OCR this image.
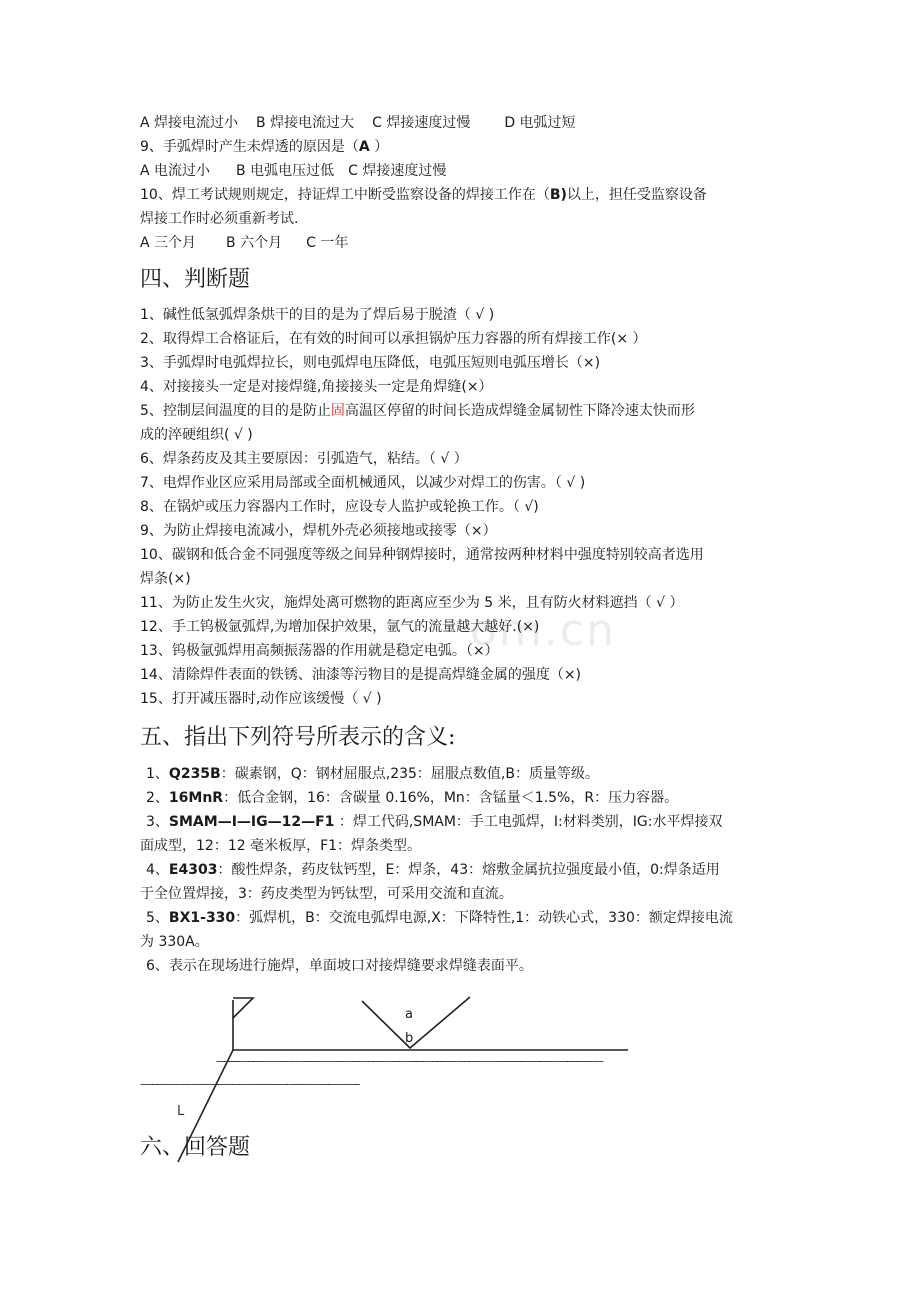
om.cn
A 焊接电流过小 B 焊接电流过大 C 焊接速度过慢 D 电弧过短
9、手弧焊时产生未焊透的原因是（A ）
A 电流过小 B 电弧电压过低 C 焊接速度过慢
10、焊工考试规则规定，持证焊工中断受监察设备的焊接工作在（B)以上，担任受监察设备
焊接工作时必须重新考试.
A 三个月 B 六个月 C 一年
四、判断题
1、碱性低氢弧焊条烘干的目的是为了焊后易于脱渣（ √ )
2、取得焊工合格证后，在有效的时间可以承担锅炉压力容器的所有焊接工作(× ）
3、手弧焊时电弧焊拉长，则电弧焊电压降低，电弧压短则电弧压增长（×)
4、对接接头一定是对接焊缝,角接接头一定是角焊缝(×）
5、控制层间温度的目的是防止固高温区停留的时间长造成焊缝金属韧性下降冷速太快而形
成的淬硬组织( √ )
6、焊条药皮及其主要原因：引弧造气，粘结。（ √ ）
7、电焊作业区应采用局部或全面机械通风，以减少对焊工的伤害。（ √ )
8、在锅炉或压力容器内工作时，应设专人监护或轮换工作。（ √)
9、为防止焊接电流减小，焊机外壳必须接地或接零（×）
10、碳钢和低合金不同强度等级之间异种钢焊接时，通常按两种材料中强度特别较高者选用
焊条(×)
11、为防止发生火灾，施焊处离可燃物的距离应至少为 5 米，且有防火材料遮挡（ √ ）
12、手工钨极氩弧焊,为增加保护效果，氩气的流量越大越好.(×)
13、钨极氩弧焊用高频振荡器的作用就是稳定电弧。（×）
14、清除焊件表面的铁锈、油漆等污物目的是提高焊缝金属的强度（×)
15、打开减压器时,动作应该缓慢（ √ )
五、指出下列符号所表示的含义:
1、Q235B：碳素钢，Q：钢材屈服点,235：屈服点数值,B：质量等级。
2、16MnR：低合金钢，16：含碳量 0.16%，Mn：含锰量＜1.5%，R：压力容器。
3、SMAM—I—IG—12—F1 ：焊工代码,SMAM：手工电弧焊，I:材料类别，IG:水平焊接双
面成型，12：12 毫米板厚，F1：焊条类型。
4、E4303：酸性焊条，药皮钛钙型，E：焊条，43：熔敷金属抗拉强度最小值，0:焊条适用
于全位置焊接，3：药皮类型为钙钛型，可采用交流和直流。
5、BX1-330：弧焊机，B：交流电弧焊电源,X：下降特性,1：动铁心式，330：额定焊接电流
为 330A。
6、表示在现场进行施焊，单面坡口对接焊缝要求焊缝表面平。
a
b
—----—-—————-————-—-——-—----—---——-———-—--—--——-----——
—--————-—-—-——-—-—-—-——--——--
L
六、回答题
